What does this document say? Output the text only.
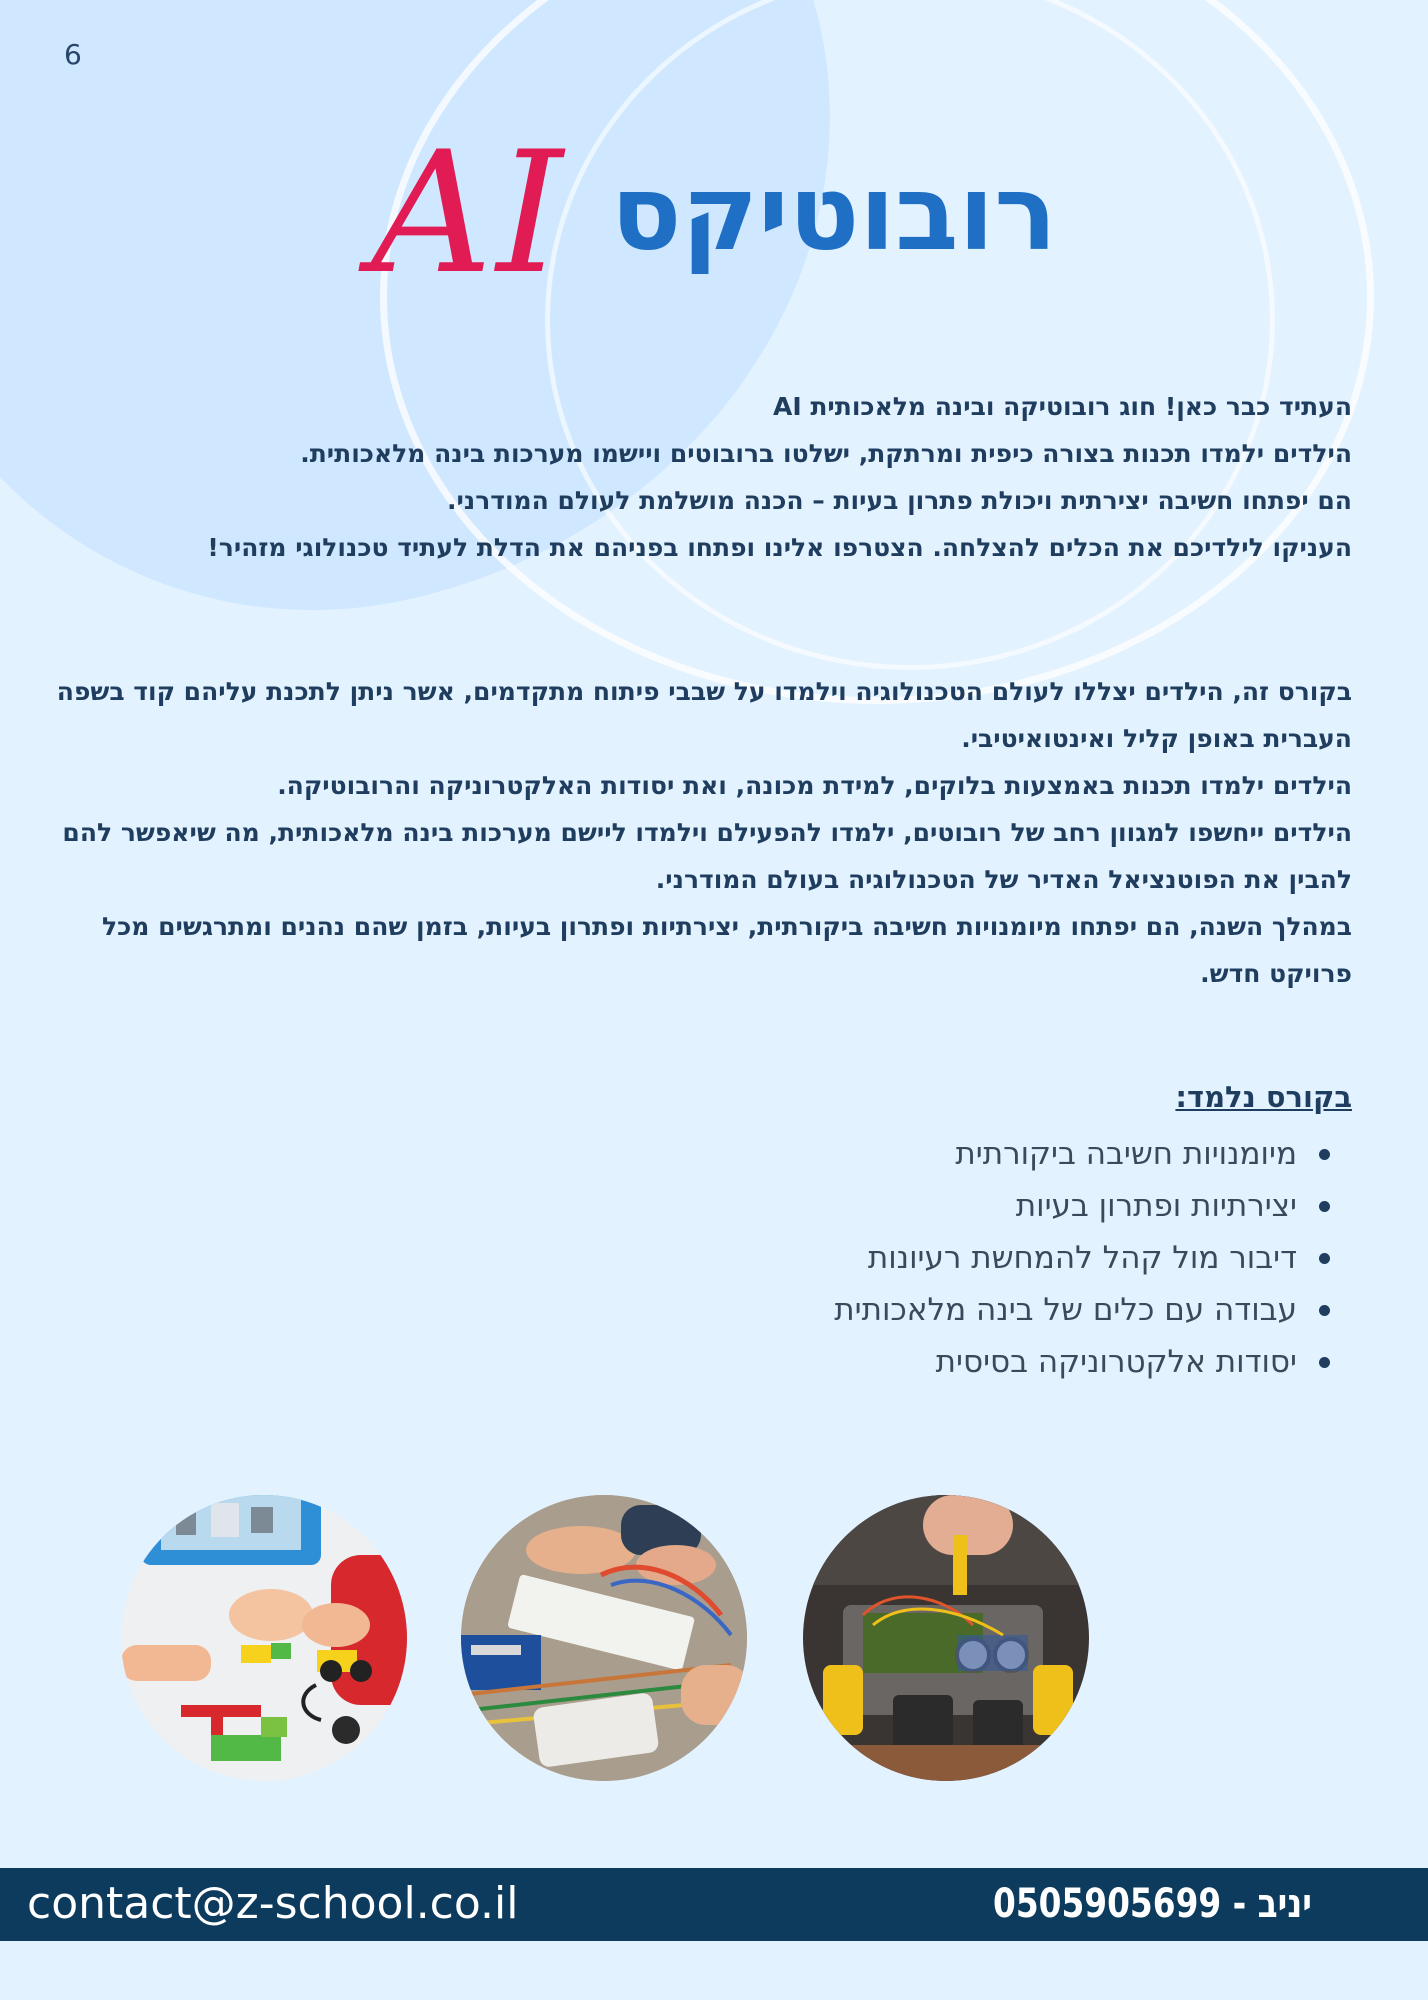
6
AI רובוטיקס

העתיד כבר כאן! חוג רובוטיקה ובינה מלאכותית AI

הילדים ילמדו תכנות בצורה כיפית ומרתקת, ישלטו ברובוטים ויישמו מערכות בינה מלאכותית.

הם יפתחו חשיבה יצירתית ויכולת פתרון בעיות – הכנה מושלמת לעולם המודרני.

העניקו לילדיכם את הכלים להצלחה. הצטרפו אלינו ופתחו בפניהם את הדלת לעתיד טכנולוגי מזהיר!

בקורס זה, הילדים יצללו לעולם הטכנולוגיה וילמדו על שבבי פיתוח מתקדמים, אשר ניתן לתכנת עליהם קוד בשפה העברית באופן קליל ואינטואיטיבי.

הילדים ילמדו תכנות באמצעות בלוקים, למידת מכונה, ואת יסודות האלקטרוניקה והרובוטיקה.

הילדים ייחשפו למגוון רחב של רובוטים, ילמדו להפעילם וילמדו ליישם מערכות בינה מלאכותית, מה שיאפשר להם להבין את הפוטנציאל האדיר של הטכנולוגיה בעולם המודרני.

במהלך השנה, הם יפתחו מיומנויות חשיבה ביקורתית, יצירתיות ופתרון בעיות, בזמן שהם נהנים ומתרגשים מכל פרויקט חדש.

בקורס נלמד:
מיומנויות חשיבה ביקורתית
יצירתיות ופתרון בעיות
דיבור מול קהל להמחשת רעיונות
עבודה עם כלים של בינה מלאכותית
יסודות אלקטרוניקה בסיסית
contact@z-school.co.il	יניב - 0505905699
